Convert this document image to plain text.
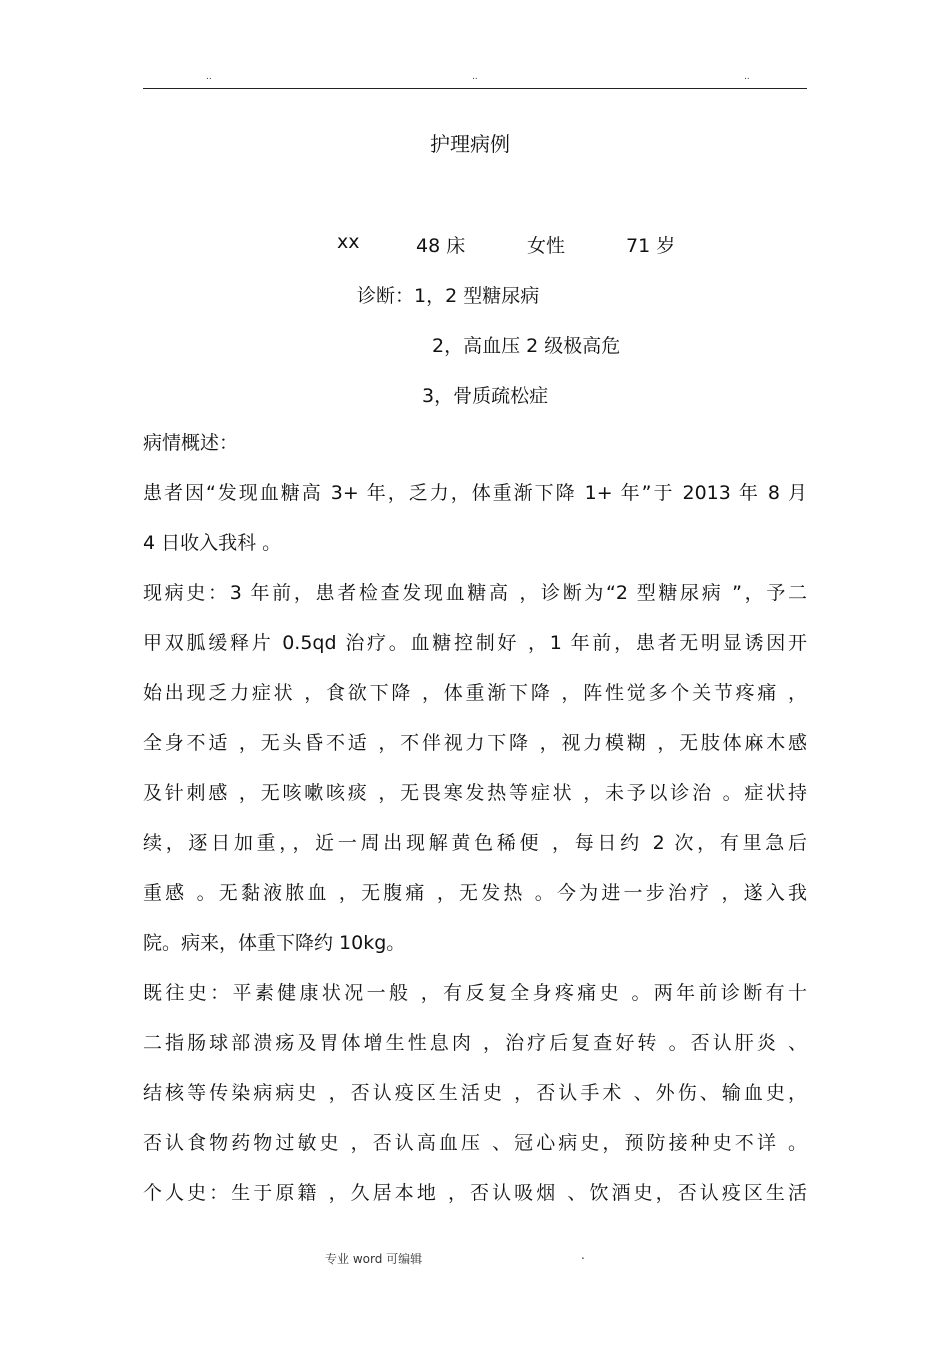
..	..	..
护理病例
xx	48 床	女性	71 岁
诊断：1，2 型糖尿病
2，高血压 2 级极高危
3，骨质疏松症
病情概述：
患者因“发现血糖高 3+ 年，乏力，体重渐下降 1+ 年”于 2013 年 8 月
4 日收入我科 。
现病史：3 年前，患者检查发现血糖高 ，诊断为“2 型糖尿病 ”，予二
甲双胍缓释片 0.5qd 治疗。血糖控制好 ，1 年前，患者无明显诱因开
始出现乏力症状 ，食欲下降 ，体重渐下降 ，阵性觉多个关节疼痛 ，
全身不适 ，无头昏不适 ，不伴视力下降 ，视力模糊 ，无肢体麻木感
及针刺感 ，无咳嗽咳痰 ，无畏寒发热等症状 ，未予以诊治 。症状持
续，逐日加重，，近一周出现解黄色稀便 ，每日约 2 次，有里急后
重感 。无黏液脓血 ，无腹痛 ，无发热 。今为进一步治疗 ，遂入我
院。病来，体重下降约 10kg。
既往史：平素健康状况一般 ，有反复全身疼痛史 。两年前诊断有十
二指肠球部溃疡及胃体增生性息肉 ，治疗后复查好转 。否认肝炎 、
结核等传染病病史 ，否认疫区生活史 ，否认手术 、外伤、输血史，
否认食物药物过敏史 ，否认高血压 、冠心病史，预防接种史不详 。
个人史：生于原籍 ，久居本地 ，否认吸烟 、饮酒史，否认疫区生活
专业 word 可编辑	.
